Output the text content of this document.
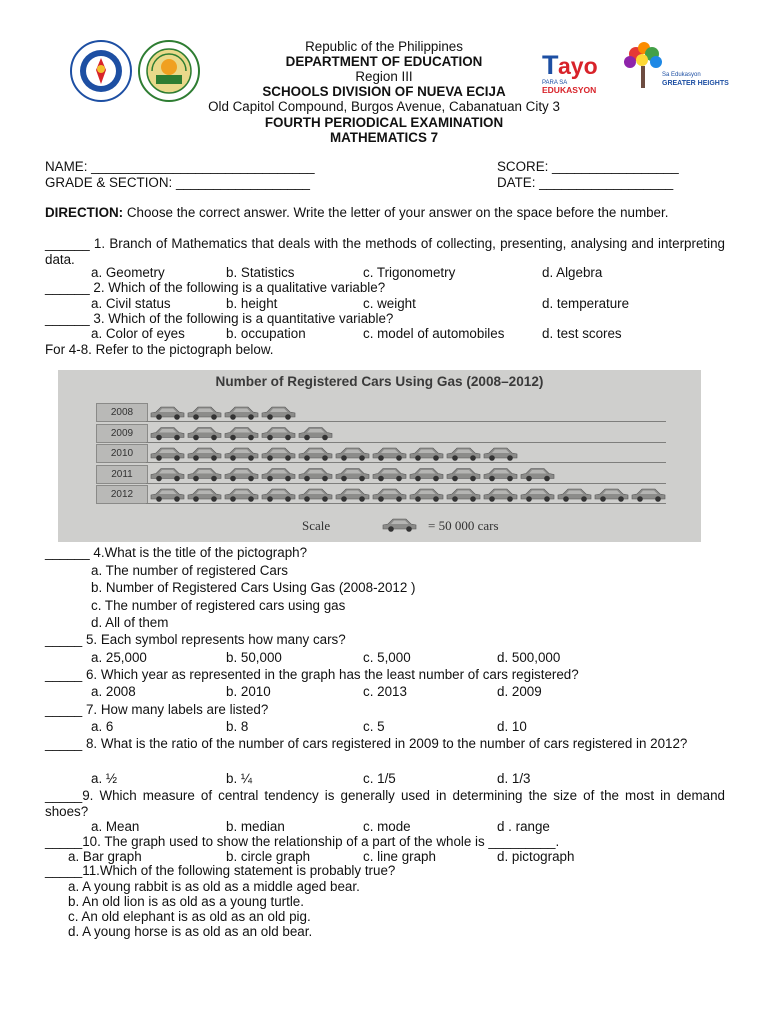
T ayo
PARA SA
EDUKASYON
Sa Edukasyon
GREATER HEIGHTS
Republic of the Philippines
DEPARTMENT OF EDUCATION
Region III
SCHOOLS DIVISION OF NUEVA ECIJA
Old Capitol Compound, Burgos Avenue, Cabanatuan City 3
FOURTH PERIODICAL EXAMINATION
MATHEMATICS 7
NAME: ______________________________	SCORE: _________________
GRADE & SECTION: __________________	DATE: __________________
DIRECTION: Choose the correct answer. Write the letter of your answer on the space before the number.
______ 1. Branch of Mathematics that deals with the methods of collecting, presenting, analysing and interpreting data.
a. Geometry	b. Statistics	c. Trigonometry	d. Algebra
______ 2. Which of the following is a qualitative variable?
a. Civil status	b. height	c. weight	d. temperature
______ 3. Which of the following is a quantitative variable?
a. Color of eyes	b. occupation	c. model of automobiles	d. test scores
For 4-8. Refer to the pictograph below.
Number of Registered Cars Using Gas (2008–2012)
Scale	= 50 000 cars
2008
2009
2010
2011
2012
______ 4.What is the title of the pictograph?
a. The number of registered Cars
b. Number of Registered Cars Using Gas (2008-2012 )
c. The number of registered cars using gas
d. All of them
_____ 5. Each symbol represents how many cars?
a. 25,000	b. 50,000	c. 5,000	d. 500,000
_____ 6. Which year as represented in the graph has the least number of cars registered?
a. 2008	b. 2010	c. 2013	d. 2009
_____ 7. How many labels are listed?
a. 6	b. 8	c. 5	d. 10
_____ 8. What is the ratio of the number of cars registered in 2009 to the number of cars registered in 2012?
a. ½	b. ¼	c. 1/5	d. 1/3
_____9. Which measure of central tendency is generally used in determining the size of the most in demand shoes?
a. Mean	b. median	c. mode	d . range
_____10. The graph used to show the relationship of a part of the whole is _________.
a. Bar graph	b. circle graph	c. line graph	d. pictograph
_____11.Which of the following statement is probably true?
a. A young rabbit is as old as a middle aged bear.
b. An old lion is as old as a young turtle.
c. An old elephant is as old as an old pig.
d. A young horse is as old as an old bear.
